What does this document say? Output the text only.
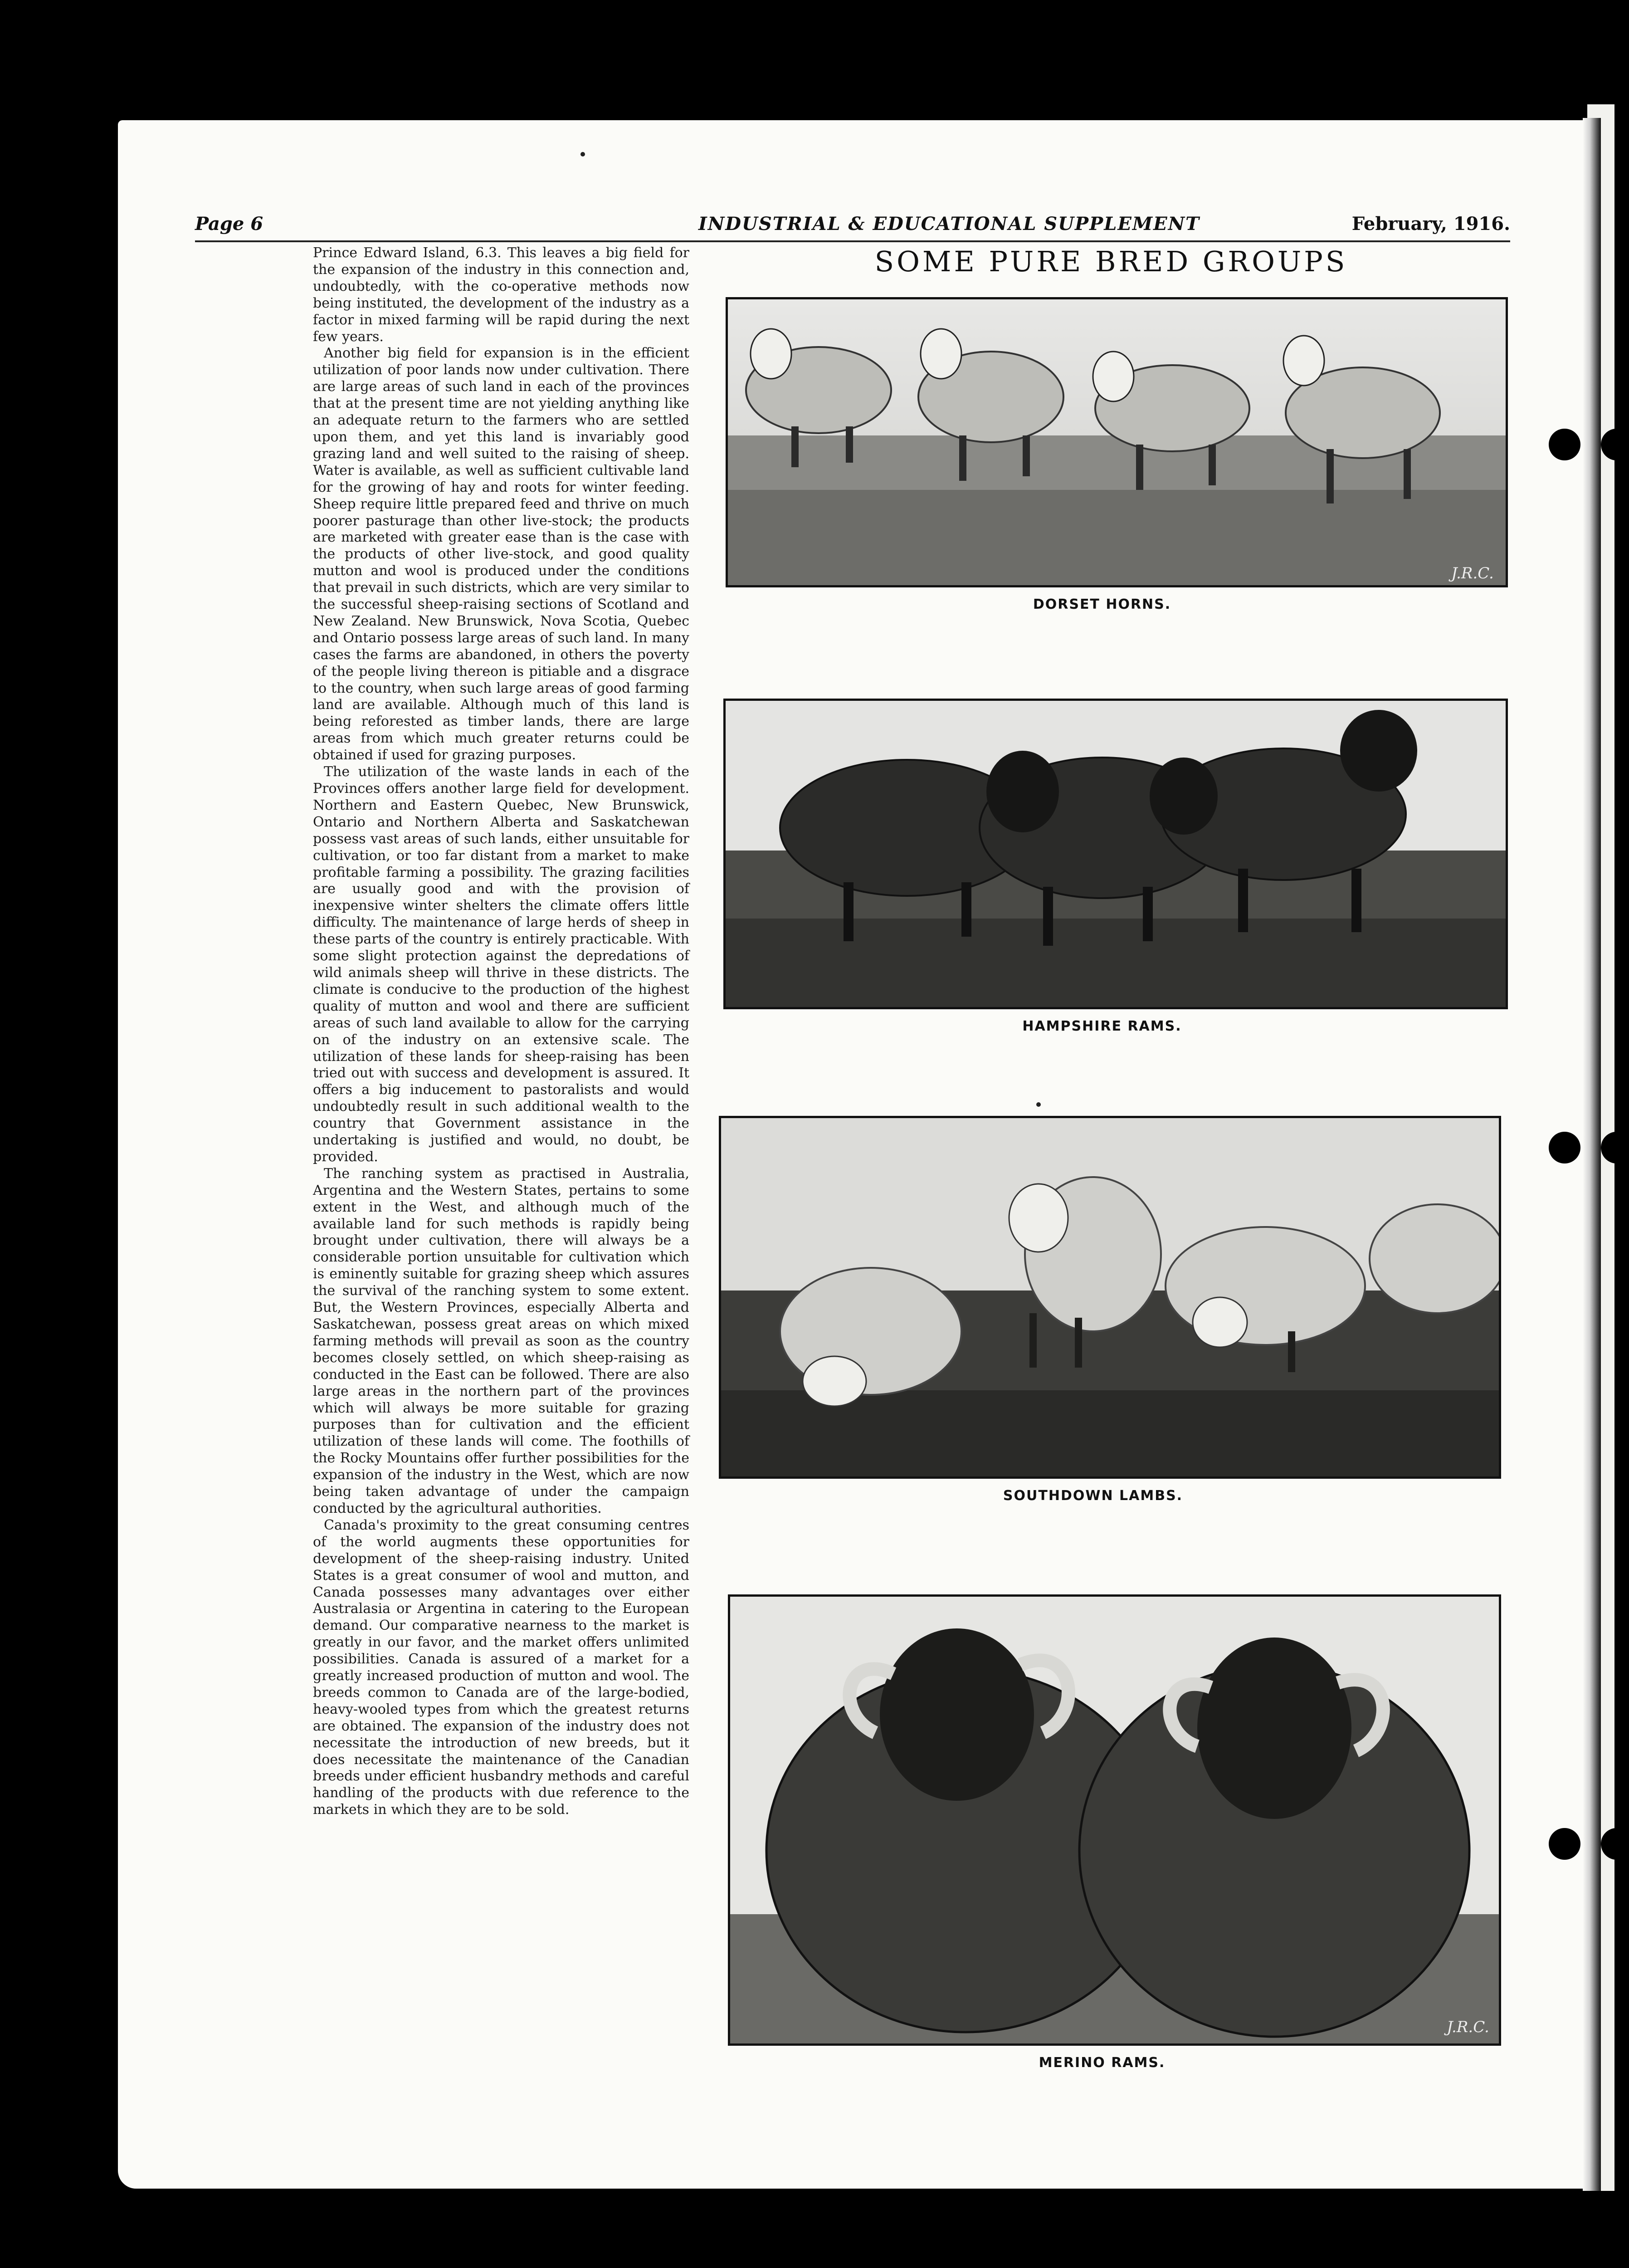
Page 6	INDUSTRIAL & EDUCATIONAL SUPPLEMENT	February, 1916.

Prince Edward Island, 6.3. This leaves a big field for the expansion of the industry in this connection and, undoubtedly, with the co-operative methods now being instituted, the development of the industry as a factor in mixed farming will be rapid during the next few years.

Another big field for expansion is in the efficient utilization of poor lands now under cultivation. There are large areas of such land in each of the provinces that at the present time are not yielding anything like an adequate return to the farmers who are settled upon them, and yet this land is invariably good grazing land and well suited to the raising of sheep. Water is available, as well as sufficient cultivable land for the growing of hay and roots for winter feeding. Sheep require little prepared feed and thrive on much poorer pasturage than other live-stock; the products are marketed with greater ease than is the case with the products of other live-stock, and good quality mutton and wool is produced under the conditions that prevail in such districts, which are very similar to the successful sheep-raising sections of Scotland and New Zealand. New Brunswick, Nova Scotia, Quebec and Ontario possess large areas of such land. In many cases the farms are abandoned, in others the poverty of the people living thereon is pitiable and a disgrace to the country, when such large areas of good farming land are available. Although much of this land is being reforested as timber lands, there are large areas from which much greater returns could be obtained if used for grazing purposes.

The utilization of the waste lands in each of the Provinces offers another large field for development. Northern and Eastern Quebec, New Brunswick, Ontario and Northern Alberta and Saskatchewan possess vast areas of such lands, either unsuitable for cultivation, or too far distant from a market to make profitable farming a possibility. The grazing facilities are usually good and with the provision of inexpensive winter shelters the climate offers little difficulty. The maintenance of large herds of sheep in these parts of the country is entirely practicable. With some slight protection against the depredations of wild animals sheep will thrive in these districts. The climate is conducive to the production of the highest quality of mutton and wool and there are sufficient areas of such land available to allow for the carrying on of the industry on an extensive scale. The utilization of these lands for sheep-raising has been tried out with success and development is assured. It offers a big inducement to pastoralists and would undoubtedly result in such additional wealth to the country that Government assistance in the undertaking is justified and would, no doubt, be provided.

The ranching system as practised in Australia, Argentina and the Western States, pertains to some extent in the West, and although much of the available land for such methods is rapidly being brought under cultivation, there will always be a considerable portion unsuitable for cultivation which is eminently suitable for grazing sheep which assures the survival of the ranching system to some extent. But, the Western Provinces, especially Alberta and Saskatchewan, possess great areas on which mixed farming methods will prevail as soon as the country becomes closely settled, on which sheep-raising as conducted in the East can be followed. There are also large areas in the northern part of the provinces which will always be more suitable for grazing purposes than for cultivation and the efficient utilization of these lands will come. The foothills of the Rocky Mountains offer further possibilities for the expansion of the industry in the West, which are now being taken advantage of under the campaign conducted by the agricultural authorities.

Canada's proximity to the great consuming centres of the world augments these opportunities for development of the sheep-raising industry. United States is a great consumer of wool and mutton, and Canada possesses many advantages over either Australasia or Argentina in catering to the European demand. Our comparative nearness to the market is greatly in our favor, and the market offers unlimited possibilities. Canada is assured of a market for a greatly increased production of mutton and wool. The breeds common to Canada are of the large-bodied, heavy-wooled types from which the greatest returns are obtained. The expansion of the industry does not necessitate the introduction of new breeds, but it does necessitate the maintenance of the Canadian breeds under efficient husbandry methods and careful handling of the products with due reference to the markets in which they are to be sold.

SOME PURE BRED GROUPS
J.R.C.
DORSET HORNS.
HAMPSHIRE RAMS.
SOUTHDOWN LAMBS.
J.R.C.
MERINO RAMS.
